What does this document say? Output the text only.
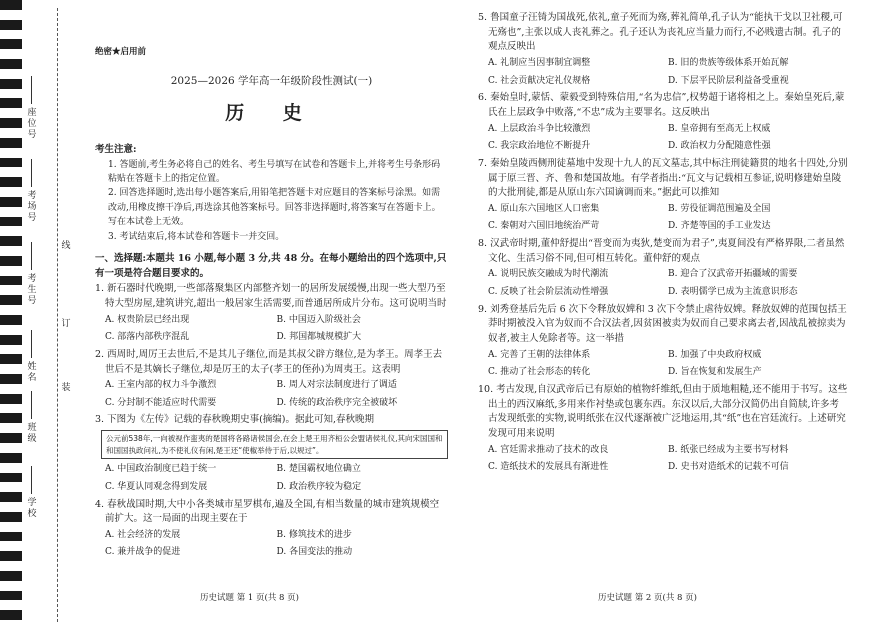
座
位
号
考
场
号
考
生
号
姓
名
班
级
学
校
线
订
装
绝密★启用前
2025—2026 学年高一年级阶段性测试(一)
历 史
考生注意:
1. 答题前,考生务必将自己的姓名、考生号填写在试卷和答题卡上,并将考生号条形码粘贴在答题卡上的指定位置。
2. 回答选择题时,选出每小题答案后,用铅笔把答题卡对应题目的答案标号涂黑。如需改动,用橡皮擦干净后,再选涂其他答案标号。回答非选择题时,将答案写在答题卡上。写在本试卷上无效。
3. 考试结束后,将本试卷和答题卡一并交回。
一、选择题:本题共 16 小题,每小题 3 分,共 48 分。在每小题给出的四个选项中,只有一项是符合题目要求的。
1. 新石器时代晚期,一些部落聚集区内部整齐划一的居所发展缓慢,出现一些大型乃至特大型房屋,建筑讲究,超出一般居家生活需要,而普通居所成片分布。这可说明当时
A. 权贵阶层已经出现	B. 中国迈入阶级社会
C. 部落内部秩序混乱	D. 邦国都城规模扩大
2. 西周时,周厉王去世后,不是其儿子继位,而是其叔父辟方继位,是为孝王。周孝王去世后不是其嫡长子继位,却是厉王的太子(孝王的侄孙)为周夷王。这表明
A. 王室内部的权力斗争激烈	B. 周人对宗法制度进行了调适
C. 分封制不能适应时代需要	D. 传统的政治秩序完全被破坏
3. 下图为《左传》记载的春秋晚期史事(摘编)。据此可知,春秋晚期
公元前538年,一向被视作蛮夷的楚国将各路诸侯国会,在会上楚王用齐桓公会盟诸侯礼仪,其向宋国国和和国国执政问礼,为不使礼仪有闲,楚王还“使椒举侍于后,以规过”。
A. 中国政治制度已趋于统一	B. 楚国霸权地位确立
C. 华夏认同观念得到发展	D. 政治秩序较为稳定
4. 春秋战国时期,大中小各类城市星罗棋布,遍及全国,有相当数量的城市建筑规模空前扩大。这一局面的出现主要在于
A. 社会经济的发展	B. 修筑技术的进步
C. 兼并战争的促进	D. 各国变法的推动
历史试题 第 1 页(共 8 页)
5. 鲁国童子汪锜为国战死,依礼,童子死而为殇,葬礼简单,孔子认为“能执干戈以卫社稷,可无殇也”,主张以成人丧礼葬之。孔子还认为丧礼应当量力而行,不必贱遗古制。孔子的观点反映出
A. 礼制应当因事制宜调整	B. 旧的贵族等级体系开始瓦解
C. 社会贡献决定礼仪规格	D. 下层平民阶层利益备受重视
6. 秦始皇时,蒙恬、蒙毅受到特殊信用,“名为忠信”,权势超于诸将相之上。秦始皇死后,蒙氏在上层政争中败落,“不忠”成为主要罪名。这反映出
A. 上层政治斗争比较激烈	B. 皇帝拥有至高无上权威
C. 我宗政治地位不断提升	D. 政治权力分配随意性强
7. 秦始皇陵西侧刑徒墓地中发现十九人的瓦文墓志,其中标注刑徒籍贯的地名十四处,分别属于原三晋、齐、鲁和楚国故地。有学者指出:“瓦文与记载相互参证,说明修建始皇陵的大批刑徒,都是从原山东六国谪调而来。”据此可以推知
A. 原山东六国地区人口密集	B. 劳役征调范围遍及全国
C. 秦朝对六国旧地统治严苛	D. 齐楚等国的手工业发达
8. 汉武帝时期,董仲舒提出“晋变而为夷狄,楚变而为君子”,夷夏间没有严格界限,二者虽然文化、生活习俗不同,但可相互转化。董仲舒的观点
A. 说明民族交融成为时代潮流	B. 迎合了汉武帝开拓疆域的需要
C. 反映了社会阶层流动性增强	D. 表明儒学已成为主流意识形态
9. 刘秀登基后先后 6 次下令释放奴婢和 3 次下令禁止虐待奴婢。释放奴婢的范围包括王莽时期被没入官为奴而不合汉法者,因贫困被卖为奴而自己要求离去者,因战乱被掠卖为奴者,被主人免除者等。这一举措
A. 完善了王朝的法律体系	B. 加强了中央政府权威
C. 推动了社会形态的转化	D. 旨在恢复和发展生产
10. 考古发现,自汉武帝后已有原始的植物纤维纸,但由于质地粗糙,还不能用于书写。这些出土的西汉麻纸,多用来作衬垫或包裹东西。东汉以后,大部分汉简仍出自简牍,许多考古发现纸张的实物,说明纸张在汉代逐渐被广泛地运用,其“纸”也在宫廷流行。上述研究发现可用来说明
A. 宫廷需求推动了技术的改良	B. 纸张已经成为主要书写材料
C. 造纸技术的发展具有渐进性	D. 史书对造纸术的记载不可信
历史试题 第 2 页(共 8 页)
